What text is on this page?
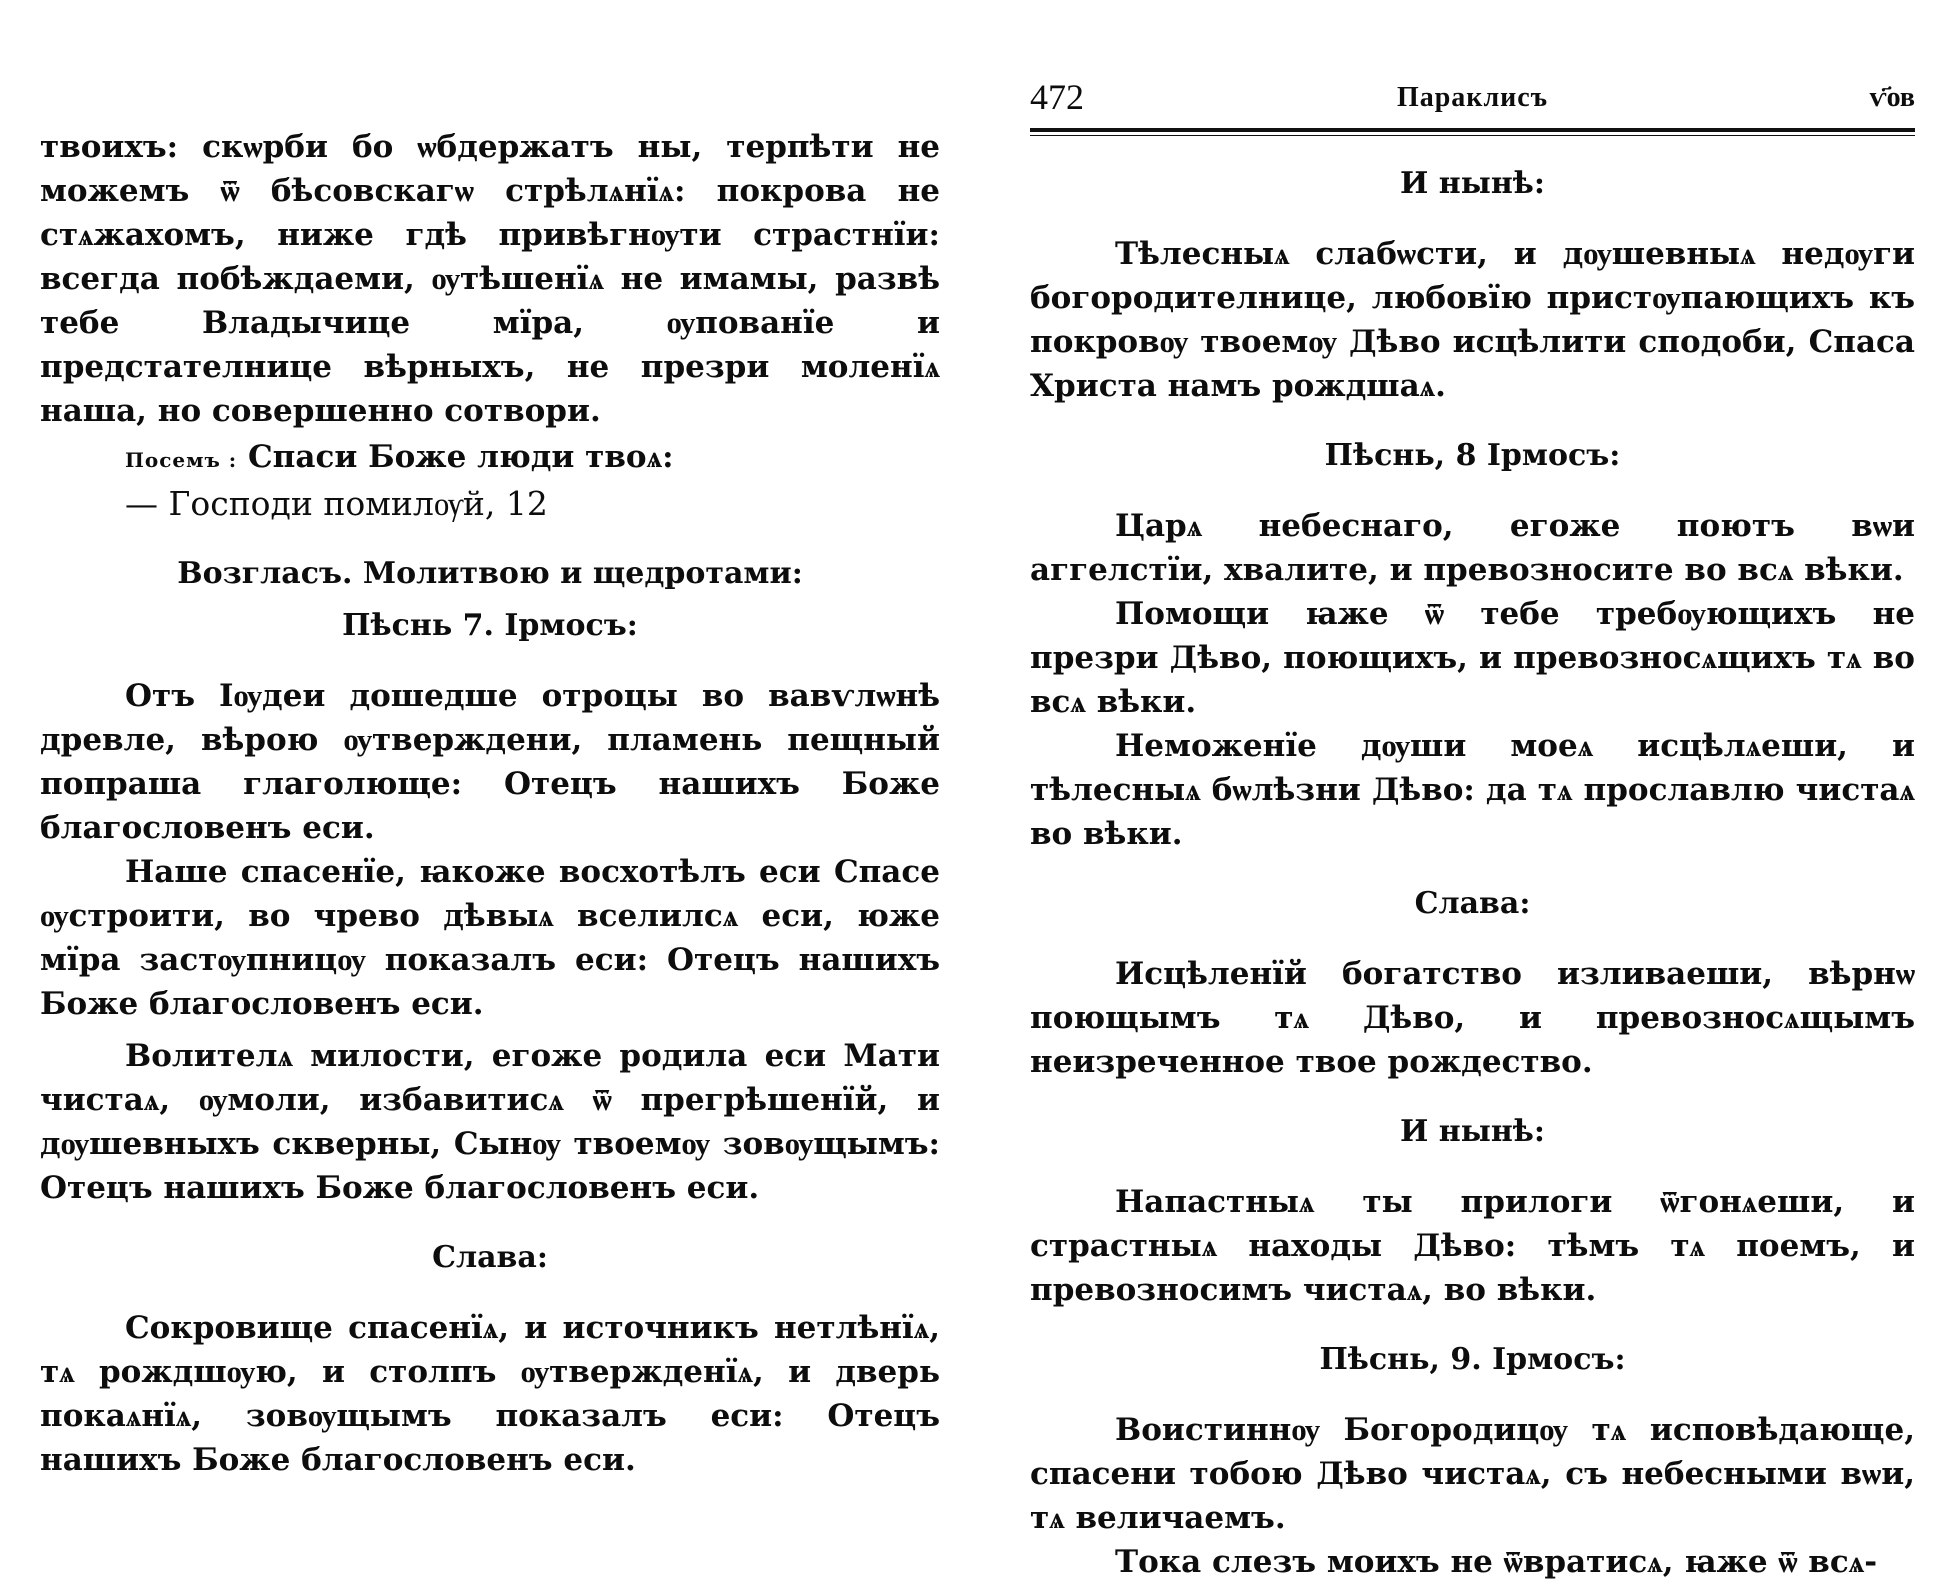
твоихъ: скѡрби бо ѡбдержатъ ны, терпѣти не можемъ ѿ бѣсовскагѡ стрѣлѧнїѧ: покрова не стѧжахомъ, ниже гдѣ привѣгнѹти страстнїи: всегда побѣждаеми, ѹтѣшенїѧ не имамы, развѣ тебе Владычице мїра, ѹпованїе и предстателнице вѣрныхъ, не презри моленїѧ наша, но совершенно сотвори.

Посемъ : Спаси Боже люди твоѧ:

— Господи помилѹй, 12

Возгласъ. Молитвою и щедротами:

Пѣснь 7. Ірмосъ:

Отъ Іѹдеи дошедше отроцы во вавѵлѡнѣ древле, вѣрою ѹтверждени, пламень пещный попраша глаголюще: Отецъ нашихъ Боже благословенъ еси.

Наше спасенїе, ꙗкоже восхотѣлъ еси Спасе ѹстроити, во чрево дѣвыѧ вселилсѧ еси, юже мїра застѹпницѹ показалъ еси: Отецъ нашихъ Боже благословенъ еси.

Волителѧ милости, егоже родила еси Мати чистаѧ, ѹмоли, избавитисѧ ѿ прегрѣшенїй, и дѹшевныхъ скверны, Сынѹ твоемѹ зовѹщымъ: Отецъ нашихъ Боже благословенъ еси.

Слава:

Сокровище спасенїѧ, и источникъ нетлѣнїѧ, тѧ рождшѹю, и столпъ ѹтвержденїѧ, и дверь покаѧнїѧ, зовѹщымъ показалъ еси: Отецъ нашихъ Боже благословенъ еси.

472	Параклисъ	ѵ҃ов

И нынѣ:

Тѣлесныѧ слабѡсти, и дѹшевныѧ недѹги богородителнице, любовїю пристѹпающихъ къ покровѹ твоемѹ Дѣво исцѣлити сподоби, Спаса Христа намъ рождшаѧ.

Пѣснь, 8 Ірмосъ:

Царѧ небеснаго, егоже поютъ вѡи аггелстїи, хвалите, и превозносите во всѧ вѣки.

Помощи ꙗже ѿ тебе требѹющихъ не презри Дѣво, поющихъ, и превозносѧщихъ тѧ во всѧ вѣки.

Неможенїе дѹши моеѧ исцѣлѧеши, и тѣлесныѧ бѡлѣзни Дѣво: да тѧ прославлю чистаѧ во вѣки.

Слава:

Исцѣленїй богатство изливаеши, вѣрнѡ поющымъ тѧ Дѣво, и превозносѧщымъ неизреченное твое рождество.

И нынѣ:

Напастныѧ ты прилоги ѿгонѧеши, и страстныѧ находы Дѣво: тѣмъ тѧ поемъ, и превозносимъ чистаѧ, во вѣки.

Пѣснь, 9. Ірмосъ:

Воистиннѹ Богородицѹ тѧ исповѣдающе, спасени тобою Дѣво чистаѧ, съ небесными вѡи, тѧ величаемъ.

Тока слезъ моихъ не ѿвратисѧ, ꙗже ѿ всѧ-
